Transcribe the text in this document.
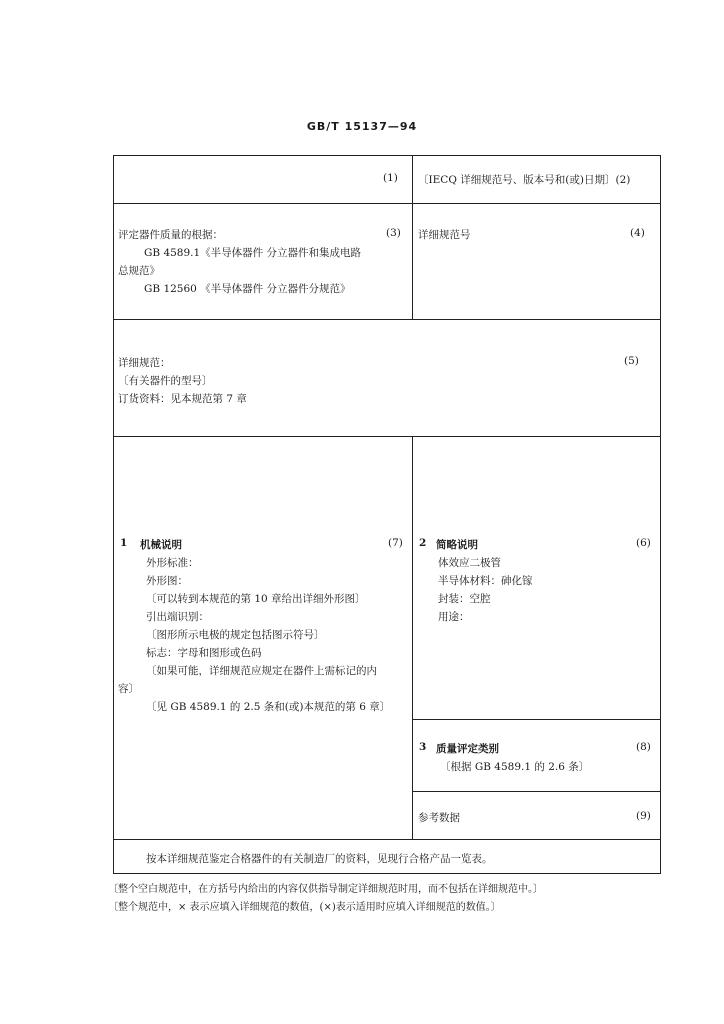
GB/T 15137—94
(1) 〔IECQ 详细规范号、版本号和(或)日期〕(2)
评定器件质量的根据：	(3)
GB 4589.1《半导体器件 分立器件和集成电路
总规范》
GB 12560 《半导体器件 分立器件分规范》
详细规范号	(4)
详细规范：	(5)
〔有关器件的型号〕
订货资料：见本规范第 7 章
1 机械说明	(7)
外形标准：
外形图：
〔可以转到本规范的第 10 章给出详细外形图〕
引出端识别：
〔图形所示电极的规定包括图示符号〕
标志：字母和图形或色码
〔如果可能，详细规范应规定在器件上需标记的内
容〕
〔见 GB 4589.1 的 2.5 条和(或)本规范的第 6 章〕
2 简略说明	(6)
体效应二极管
半导体材料：砷化镓
封装：空腔
用途：
3 质量评定类别	(8)
〔根据 GB 4589.1 的 2.6 条〕
参考数据	(9)
按本详细规范鉴定合格器件的有关制造厂的资料，见现行合格产品一览表。
〔整个空白规范中，在方括号内给出的内容仅供指导制定详细规范时用，而不包括在详细规范中。〕
〔整个规范中，× 表示应填入详细规范的数值，(×)表示适用时应填入详细规范的数值。〕
